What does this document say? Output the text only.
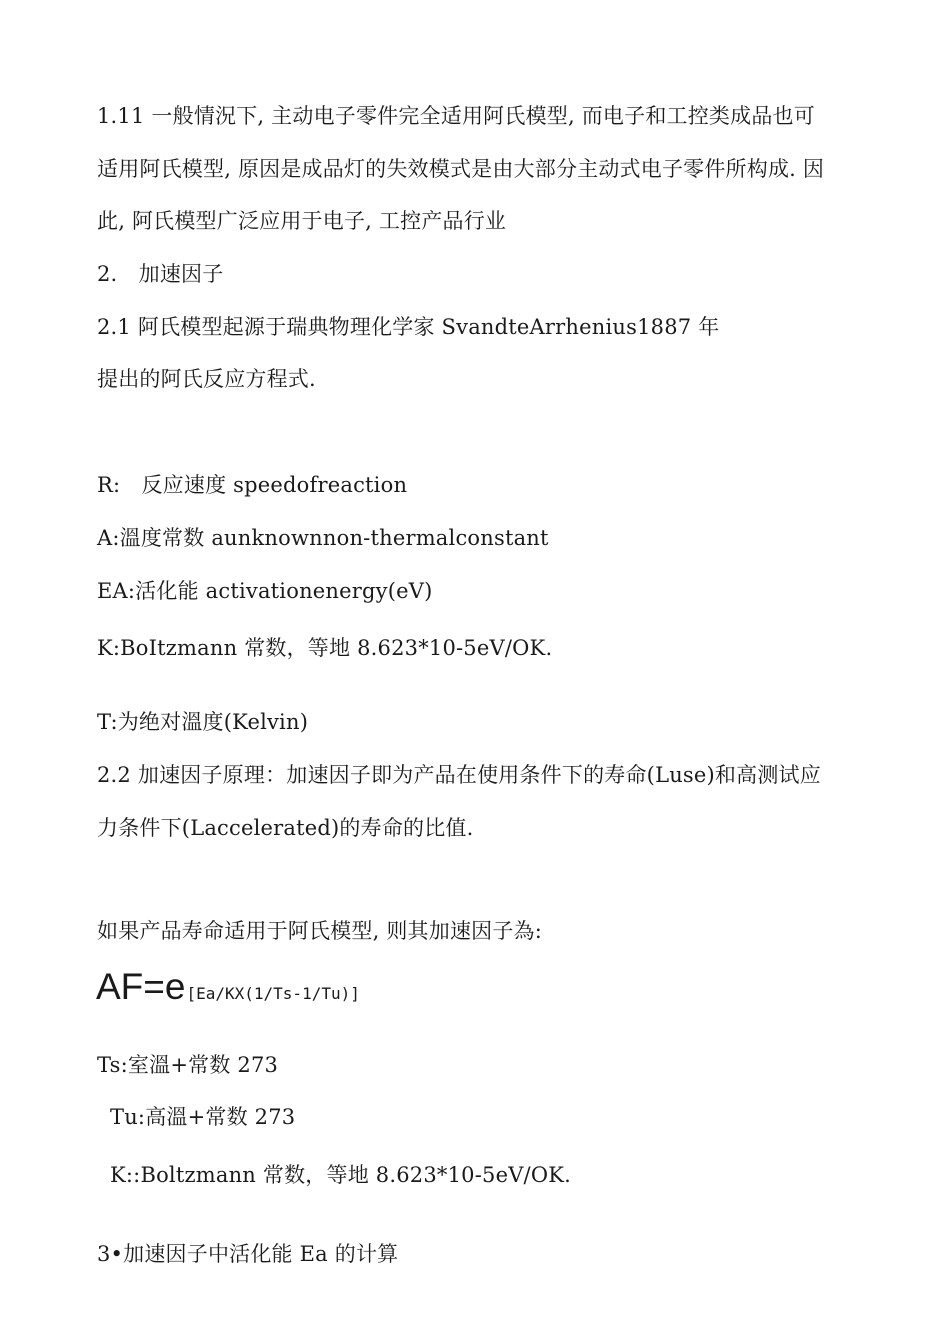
1.11 一般情況下, 主动电子零件完全适用阿氏模型, 而电子和工控类成品也可
适用阿氏模型, 原因是成品灯的失效模式是由大部分主动式电子零件所构成. 因
此, 阿氏模型广泛应用于电子, 工控产品行业
2.　加速因子
2.1 阿氏模型起源于瑞典物理化学家 SvandteArrhenius1887 年
提出的阿氏反应方程式.
R:　反应速度 speedofreaction
A:溫度常数 aunknownnon-thermalconstant
EA:活化能 activationenergy(eV)
K:BoItzmann 常数，等地 8.623*10-5eV/OK.
T:为绝对溫度(Kelvin)
2.2 加速因子原理：加速因子即为产品在使用条件下的寿命(Luse)和高测试应
力条件下(Laccelerated)的寿命的比值.
如果产品寿命适用于阿氏模型, 则其加速因子為:
AF=e[Ea/KX(1/Ts-1/Tu)]
Ts:室溫+常数 273
Tu:高溫+常数 273
K::Boltzmann 常数，等地 8.623*10-5eV/OK.
3•加速因子中活化能 Ea 的计算
